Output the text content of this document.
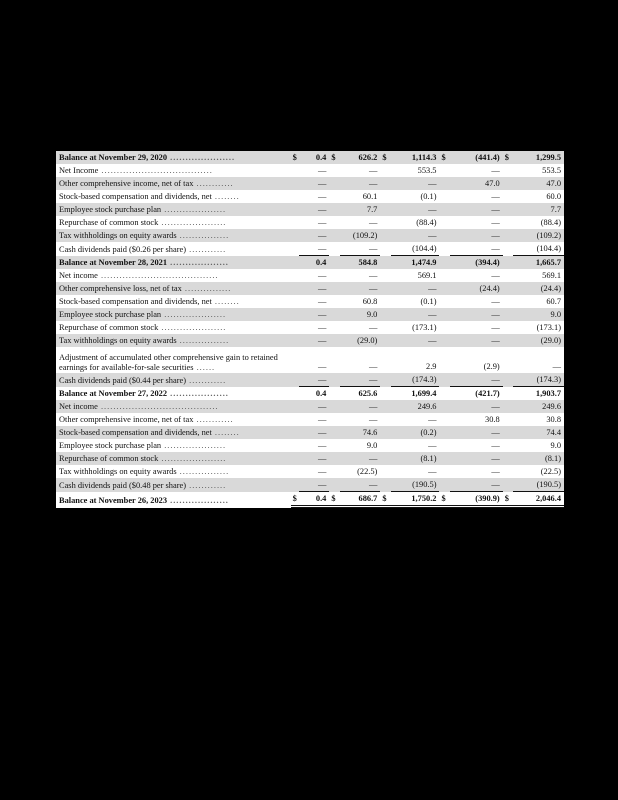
Balance at November 29, 2020 .....................	$	0.4	$	626.2	$	1,114.3	$	(441.4)	$	1,299.5
Net Income ....................................		—		—		553.5		—		553.5
Other comprehensive income, net of tax ............		—		—		—		47.0		47.0
Stock-based compensation and dividends, net ........		—		60.1		(0.1)		—		60.0
Employee stock purchase plan ....................		—		7.7		—		—		7.7
Repurchase of common stock .....................		—		—		(88.4)		—		(88.4)
Tax withholdings on equity awards ................		—		(109.2)		—		—		(109.2)
Cash dividends paid ($0.26 per share) ............		—		—		(104.4)		—		(104.4)
Balance at November 28, 2021 ...................		0.4		584.8		1,474.9		(394.4)		1,665.7
Net income ......................................		—		—		569.1		—		569.1
Other comprehensive loss, net of tax ...............		—		—		—		(24.4)		(24.4)
Stock-based compensation and dividends, net ........		—		60.8		(0.1)		—		60.7
Employee stock purchase plan ....................		—		9.0		—		—		9.0
Repurchase of common stock .....................		—		—		(173.1)		—		(173.1)
Tax withholdings on equity awards ................		—		(29.0)		—		—		(29.0)

Adjustment of accumulated other comprehensive gain to retained earnings for available-for-sale securities ......		—		—		2.9		(2.9)		—
Cash dividends paid ($0.44 per share) ............		—		—		(174.3)		—		(174.3)
Balance at November 27, 2022 ...................		0.4		625.6		1,699.4		(421.7)		1,903.7
Net income ......................................		—		—		249.6		—		249.6
Other comprehensive income, net of tax ............		—		—		—		30.8		30.8
Stock-based compensation and dividends, net ........		—		74.6		(0.2)		—		74.4
Employee stock purchase plan ....................		—		9.0		—		—		9.0
Repurchase of common stock .....................		—		—		(8.1)		—		(8.1)
Tax withholdings on equity awards ................		—		(22.5)		—		—		(22.5)
Cash dividends paid ($0.48 per share) ............		—		—		(190.5)		—		(190.5)
Balance at November 26, 2023 ...................	$	0.4	$	686.7	$	1,750.2	$	(390.9)	$	2,046.4
